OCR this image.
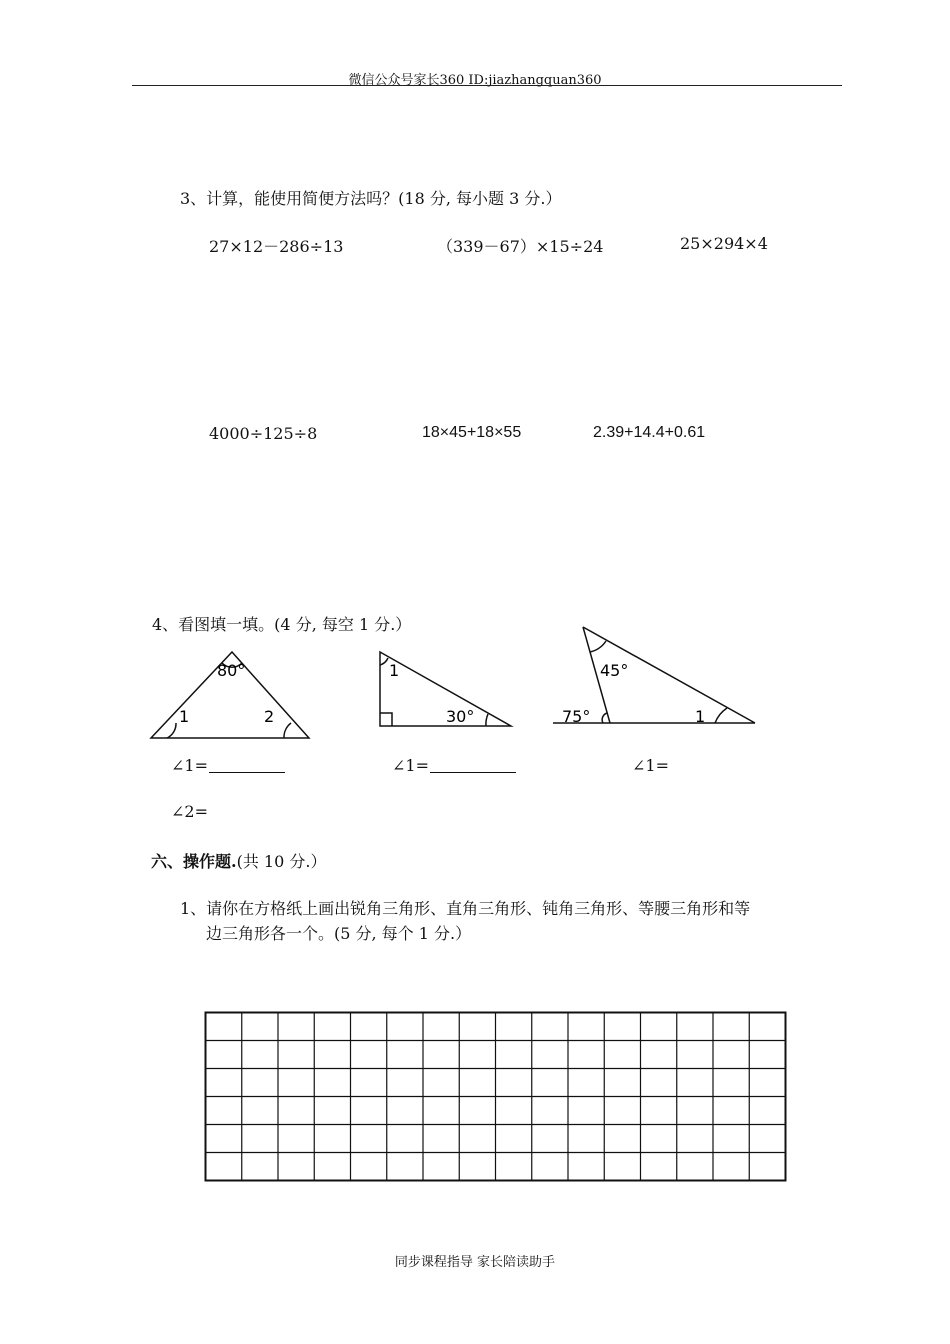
微信公众号家长360 ID:jiazhangquan360
3、计算，能使用简便方法吗？(18 分, 每小题 3 分.）
27×12－286÷13	（339－67）×15÷24	25×294×4
4000÷125÷8	18×45+18×55	2.39+14.4+0.61
4、看图填一填。(4 分, 每空 1 分.）
80°
1	2
1
30°
45°
75°	1
∠1=	∠1=	∠1=
∠2=
六、操作题.(共 10 分.）
1、请你在方格纸上画出锐角三角形、直角三角形、钝角三角形、等腰三角形和等
边三角形各一个。(5 分, 每个 1 分.）
同步课程指导 家长陪读助手
